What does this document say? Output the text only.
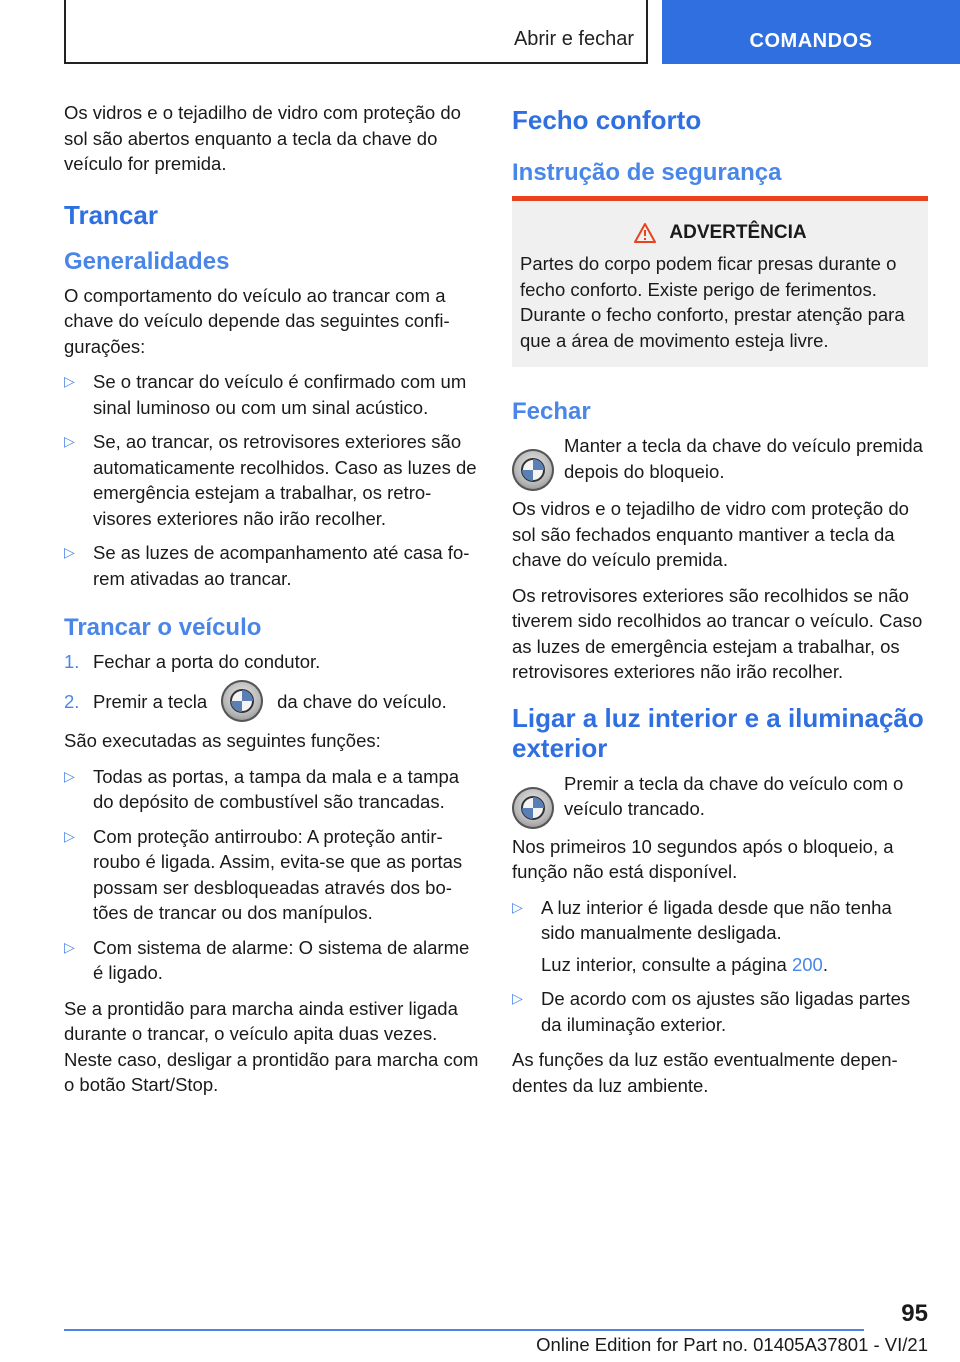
Abrir e fechar	COMANDOS

Os vidros e o tejadilho de vidro com proteção do sol são abertos enquanto a tecla da chave do veículo for premida.

Trancar
Generalidades

O comportamento do veículo ao trancar com a chave do veículo depende das seguintes configurações:

▷ Se o trancar do veículo é confirmado com um sinal luminoso ou com um sinal acústico.
▷ Se, ao trancar, os retrovisores exteriores são automaticamente recolhidos. Caso as luzes de emergência estejam a trabalhar, os retrovisores exteriores não irão recolher.
▷ Se as luzes de acompanhamento até casa forem ativadas ao trancar.
Trancar o veículo
1. Fechar a porta do condutor.
2. Premir a tecla	da chave do veículo.

São executadas as seguintes funções:

▷ Todas as portas, a tampa da mala e a tampa do depósito de combustível são trancadas.
▷ Com proteção antirroubo: A proteção antirroubo é ligada. Assim, evita-se que as portas possam ser desbloqueadas através dos botões de trancar ou dos manípulos.
▷ Com sistema de alarme: O sistema de alarme é ligado.

Se a prontidão para marcha ainda estiver ligada durante o trancar, o veículo apita duas vezes. Neste caso, desligar a prontidão para marcha com o botão Start/Stop.

Fecho conforto
Instrução de segurança
ADVERTÊNCIA

Partes do corpo podem ficar presas durante o fecho conforto. Existe perigo de ferimentos. Durante o fecho conforto, prestar atenção para que a área de movimento esteja livre.

Fechar

Manter a tecla da chave do veículo premida depois do bloqueio.

Os vidros e o tejadilho de vidro com proteção do sol são fechados enquanto mantiver a tecla da chave do veículo premida.

Os retrovisores exteriores são recolhidos se não tiverem sido recolhidos ao trancar o veículo. Caso as luzes de emergência estejam a trabalhar, os retrovisores exteriores não irão recolher.

Ligar a luz interior e a iluminação exterior

Premir a tecla da chave do veículo com o veículo trancado.

Nos primeiros 10 segundos após o bloqueio, a função não está disponível.

▷ A luz interior é ligada desde que não tenha sido manualmente desligada.
Luz interior, consulte a página 200.
▷ De acordo com os ajustes são ligadas partes da iluminação exterior.

As funções da luz estão eventualmente dependentes da luz ambiente.

95
Online Edition for Part no. 01405A37801 - VI/21
